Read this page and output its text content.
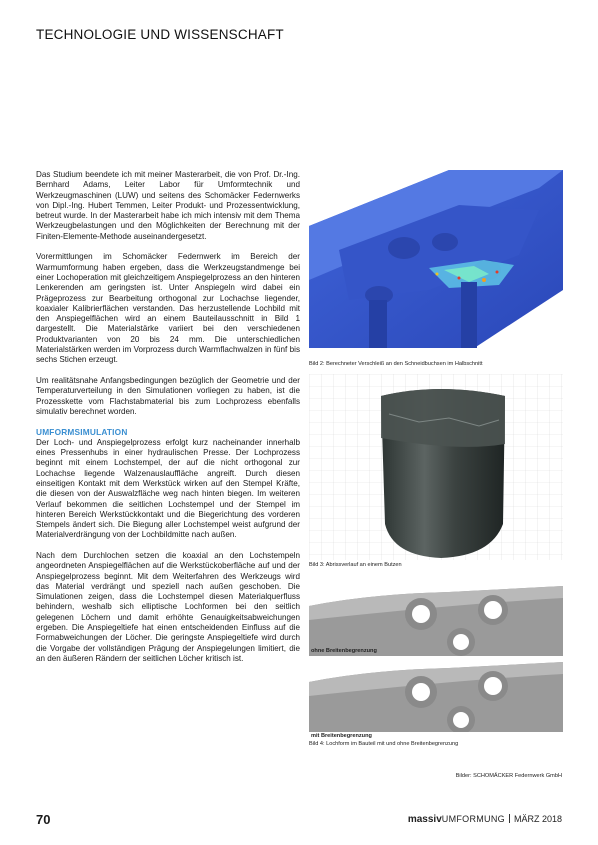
TECHNOLOGIE UND WISSENSCHAFT

Das Studium beendete ich mit meiner Masterarbeit, die von Prof. Dr.-Ing. Bernhard Adams, Leiter Labor für Umformtechnik und Werkzeugmaschinen (LUW) und seitens des Schomäcker Federnwerks von Dipl.-Ing. Hubert Temmen, Leiter Produkt- und Prozessentwicklung, betreut wurde. In der Masterarbeit habe ich mich intensiv mit dem Thema Werkzeugbelastungen und den Möglichkeiten der Berechnung mit der Finiten-Elemente-Methode auseinandergesetzt.

Vorermittlungen im Schomäcker Federnwerk im Bereich der Warmumformung haben ergeben, dass die Werkzeugstandmenge bei einer Lochoperation mit gleichzeitigem Anspiegelprozess an den hinteren Lenkerenden am geringsten ist. Unter Anspiegeln wird dabei ein Prägeprozess zur Bearbeitung orthogonal zur Lochachse liegender, koaxialer Kalibrierflächen verstanden. Das herzustellende Lochbild mit den Anspiegelflächen wird an einem Bauteilausschnitt in Bild 1 dargestellt. Die Materialstärke variiert bei den verschiedenen Produktvarianten von 20 bis 24 mm. Die unterschiedlichen Materialstärken werden im Vorprozess durch Warmflachwalzen in fünf bis sechs Stichen erzeugt.

Um realitätsnahe Anfangsbedingungen bezüglich der Geometrie und der Temperaturverteilung in den Simulationen vorliegen zu haben, ist die Prozesskette vom Flachstabmaterial bis zum Lochprozess ebenfalls simulativ berechnet worden.

UMFORMSIMULATION

Der Loch- und Anspiegelprozess erfolgt kurz nacheinander innerhalb eines Pressenhubs in einer hydraulischen Presse. Der Lochprozess beginnt mit einem Lochstempel, der auf die nicht orthogonal zur Lochachse liegende Walzenauslauffläche angreift. Durch diesen einseitigen Kontakt mit dem Werkstück wirken auf den Stempel Kräfte, die diesen von der Auswalzfläche weg nach hinten biegen. Im weiteren Verlauf bekommen die seitlichen Lochstempel und der Stempel im hinteren Bereich Werkstückkontakt und die Biegerichtung des vorderen Stempels ändert sich. Die Biegung aller Lochstempel weist aufgrund der Materialverdrängung von der Lochbildmitte nach außen.

Nach dem Durchlochen setzen die koaxial an den Lochstempeln angeordneten Anspiegelflächen auf die Werkstückoberfläche auf und der Anspiegelprozess beginnt. Mit dem Weiterfahren des Werkzeugs wird das Material verdrängt und speziell nach außen geschoben. Die Simulationen zeigen, dass die Lochstempel diesen Materialquerfluss behindern, weshalb sich elliptische Lochformen bei den seitlich gelegenen Löchern und damit erhöhte Genauigkeitsabweichungen ergeben. Die Anspiegeltiefe hat einen entscheidenden Einfluss auf die Formabweichungen der Löcher. Die geringste Anspiegeltiefe wird durch die Vorgabe der vollständigen Prägung der Anspiegelungen limitiert, die an den äußeren Rändern der seitlichen Löcher kritisch ist.

Bild 2: Berechneter Verschleiß an den Schneidbuchsen im Halbschnitt
Bild 3: Abrissverlauf an einem Butzen
ohne Breitenbegrenzung
mit Breitenbegrenzung
Bild 4: Lochform im Bauteil mit und ohne Breitenbegrenzung
Bilder: SCHOMÄCKER Federnwerk GmbH
70	massivUMFORMUNG MÄRZ 2018
